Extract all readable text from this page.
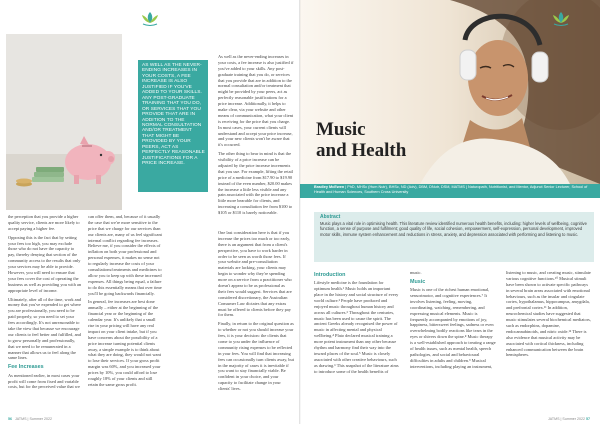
AS WELL AS THE NEVER-ENDING INCREASES IN YOUR COSTS, A FEE INCREASE IS ALSO JUSTIFIED IF YOU'VE ADDED TO YOUR SKILLS. ANY POST-GRADUATE TRAINING THAT YOU DO, OR SERVICES THAT YOU PROVIDE THAT ARE IN ADDITION TO THE NORMAL CONSULTATION AND/OR TREATMENT THAT MIGHT BE PROVIDED BY YOUR PEERS, ACT AS PERFECTLY REASONABLE JUSTIFICATIONS FOR A PRICE INCREASE.

As well as the never-ending increases in your costs, a fee increase is also justified if you've added to your skills. Any post-graduate training that you do, or services that you provide that are in addition to the normal consultation and/or treatment that might be provided by your peers, act as perfectly reasonable justifications for a price increase. Additionally, it helps to make clear, via your website and other means of communication, what your client is receiving for the price that you charge. In most cases, your current clients will understand and accept your price increase, and your new clients won't be aware that it's occurred.

The other thing to bear in mind is that the visibility of a price increase can be adjusted by the price increase increments that you use. For example, lifting the retail price of a medicine from $17.90 to $19.90 instead of the even number, $20.00 makes the increase a little less visible and any pain associated with the price increase a little more bearable for clients, and increasing a consultation fee from $100 to $105 or $110 is barely noticeable.

the perception that you provide a higher quality service, clients are more likely to accept paying a higher fee.

Opposing this is the fact that by setting your fees too high, you may exclude those who do not have the capacity to pay, thereby denying that section of the community access to the results that only your services may be able to provide. However, you will need to ensure that your fees cover the cost of operating the business as well as providing you with an appropriate level of income.

Ultimately, after all of the time, work and money that you've expended to get where you are professionally, you need to be paid properly, so you need to set your fees accordingly. It's not unreasonable to take the view that because we encourage our clients to feel better and fulfilled, and to grow personally and professionally, that we need to be remunerated in a manner that allows us to feel along the same lines.

Fee Increases

As mentioned earlier, in most cases your profit will come from fixed and variable costs, but for the perceived value that we

can offer them, and, because of it usually the case that we're more sensitive to the price that we charge for our services than our clients are, many of us feel significant internal conflict regarding fee increases. Believe me, if you consider the effects of inflation on both your professional and personal expenses, it makes no sense not to regularly increase the costs of your consultations/treatments and medicines to allow you to keep up with these increased expenses. All things being equal, a failure to do this essentially means that over time you'll be going backwards financially.

In general, fee increases are best done annually – either at the beginning of the financial year or the beginning of the calendar year. It's unlikely that a small rise in your pricing will have any real impact on your client intake, but if you have concerns about the possibility of a price increase turning potential clients away, a simple example is to think about what they are doing, they would not want to lose their services. If your gross profit margin was 60%, and you increased your prices by 10%, you could afford to lose roughly 18% of your clients and still retain the same gross profit.

One last consideration here is that if you increase the prices too much or too early, there is an argument that from a client's perspective, you have to work harder in order to be seen as worth those fees. If your website and pre-consultation materials are lacking, your clients may begin to wonder why they're spending more on a service from a practitioner who doesn't appear to be as professional as their fees would suggest. Services that are considered discretionary, the Australian Consumer Law dictates that any extras must be offered to clients before they pay for them.

Finally, in return to the original question as to whether or not you should increase your fees, it is your decision: the clients that come to you under the influence of community rising expenses to be reflected in your fees. You will find that increasing fees can occasionally turn clients away, but in the majority of cases it is inevitable if you want to stay financially viable. Be confident in your choice, and your capacity to facilitate change in your clients' lives.

56 JATMS | Summer 2022
Music
and Health
Bradley McEwen | PhD, MHSc (Hum Nutr), BHSc, ND (Adv), DBM, DNutr, DSM, MATMS | Naturopath, Nutritionist, and Mentor, Adjunct Senior Lecturer, School of Health and Human Sciences, Southern Cross University
Abstract

Music plays a vital role in optimising health. This literature review identified numerous health benefits, including: higher levels of wellbeing, cognitive function, a sense of purpose and fulfilment; good quality of life, social cohesion, empowerment, self-expression, personal development, improved motor skills, immune system enhancement and reductions in stress, anxiety, and depression associated with performing and listening to music.

Introduction

Lifestyle medicine is the foundation for optimum health.¹ Music holds an important place in the history and social structure of every world culture.² People have produced and enjoyed music throughout human history and across all cultures.³ Throughout the centuries, music has been used to cause the spirit. The ancient Greeks already recognised the power of music in affecting mental and physical wellbeing.⁴ Plato declared musical training a more potent instrument than any other because rhythm and harmony find their way into the inward places of the soul.⁵ Music is closely associated with other creative behaviours, such as drawing.⁶ This snapshot of the literature aims to introduce some of the health benefits of

music.

Music

Music is one of the richest human emotional, sensorimotor, and cognitive experiences.⁷ It involves listening, feeling, moving, coordinating, watching, remembering, and expressing musical elements. Music is frequently accompanied by emotions of joy, happiness, bittersweet feelings, sadness or even overwhelming bodily reactions like tears in the eyes or shivers down the spine.⁸ Music therapy is a well-established approach to treating a range of health issues, such as mental health, speech pathologies, and social and behavioural difficulties in adults and children.⁹ Musical interventions, including playing an instrument,

listening to music, and creating music, stimulate various cognitive functions.¹⁰ Musical stimuli have been shown to activate specific pathways in several brain areas associated with emotional behaviours, such as the insular and cingulate cortex, hypothalamus, hippocampus, amygdala, and prefrontal cortex.¹¹ In addition, neurochemical studies have suggested that music stimulates several biochemical mediators, such as endorphins, dopamine, endocannabinoids, and nitric oxide.¹² There is also evidence that musical activity may be associated with cortical thickness, including enhanced communication between the brain hemispheres.

JATMS | Summer 2022 57
